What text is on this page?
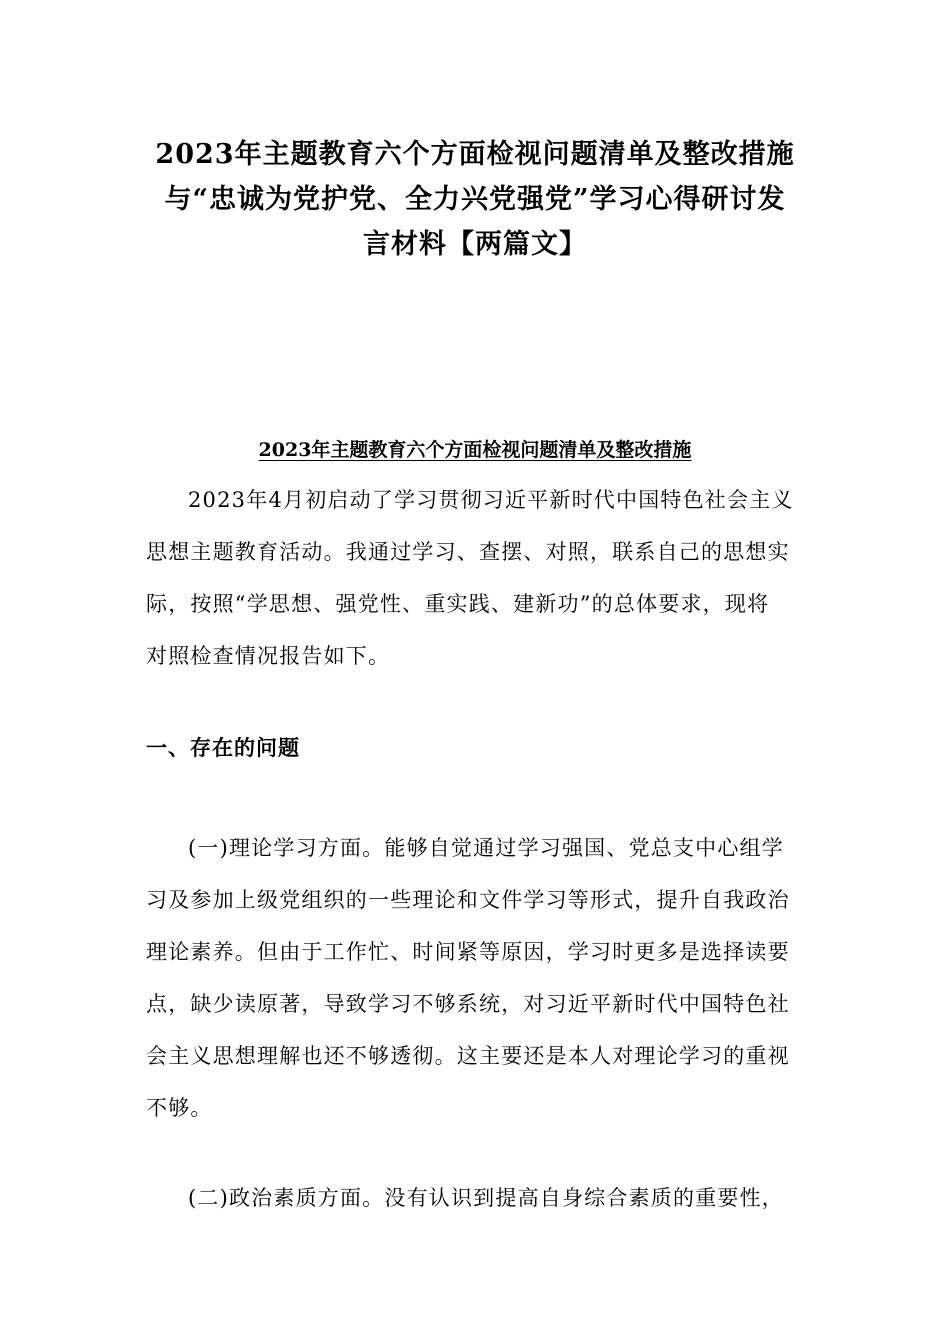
2023年主题教育六个方面检视问题清单及整改措施
与“忠诚为党护党、全力兴党强党”学习心得研讨发
言材料【两篇文】
2023年主题教育六个方面检视问题清单及整改措施

2023年4月初启动了学习贯彻习近平新时代中国特色社会主义
思想主题教育活动。我通过学习、查摆、对照，联系自己的思想实
际，按照“学思想、强党性、重实践、建新功”的总体要求，现将
对照检查情况报告如下。

一、存在的问题

(一)理论学习方面。能够自觉通过学习强国、党总支中心组学
习及参加上级党组织的一些理论和文件学习等形式，提升自我政治
理论素养。但由于工作忙、时间紧等原因，学习时更多是选择读要
点，缺少读原著，导致学习不够系统，对习近平新时代中国特色社
会主义思想理解也还不够透彻。这主要还是本人对理论学习的重视
不够。

(二)政治素质方面。没有认识到提高自身综合素质的重要性，
